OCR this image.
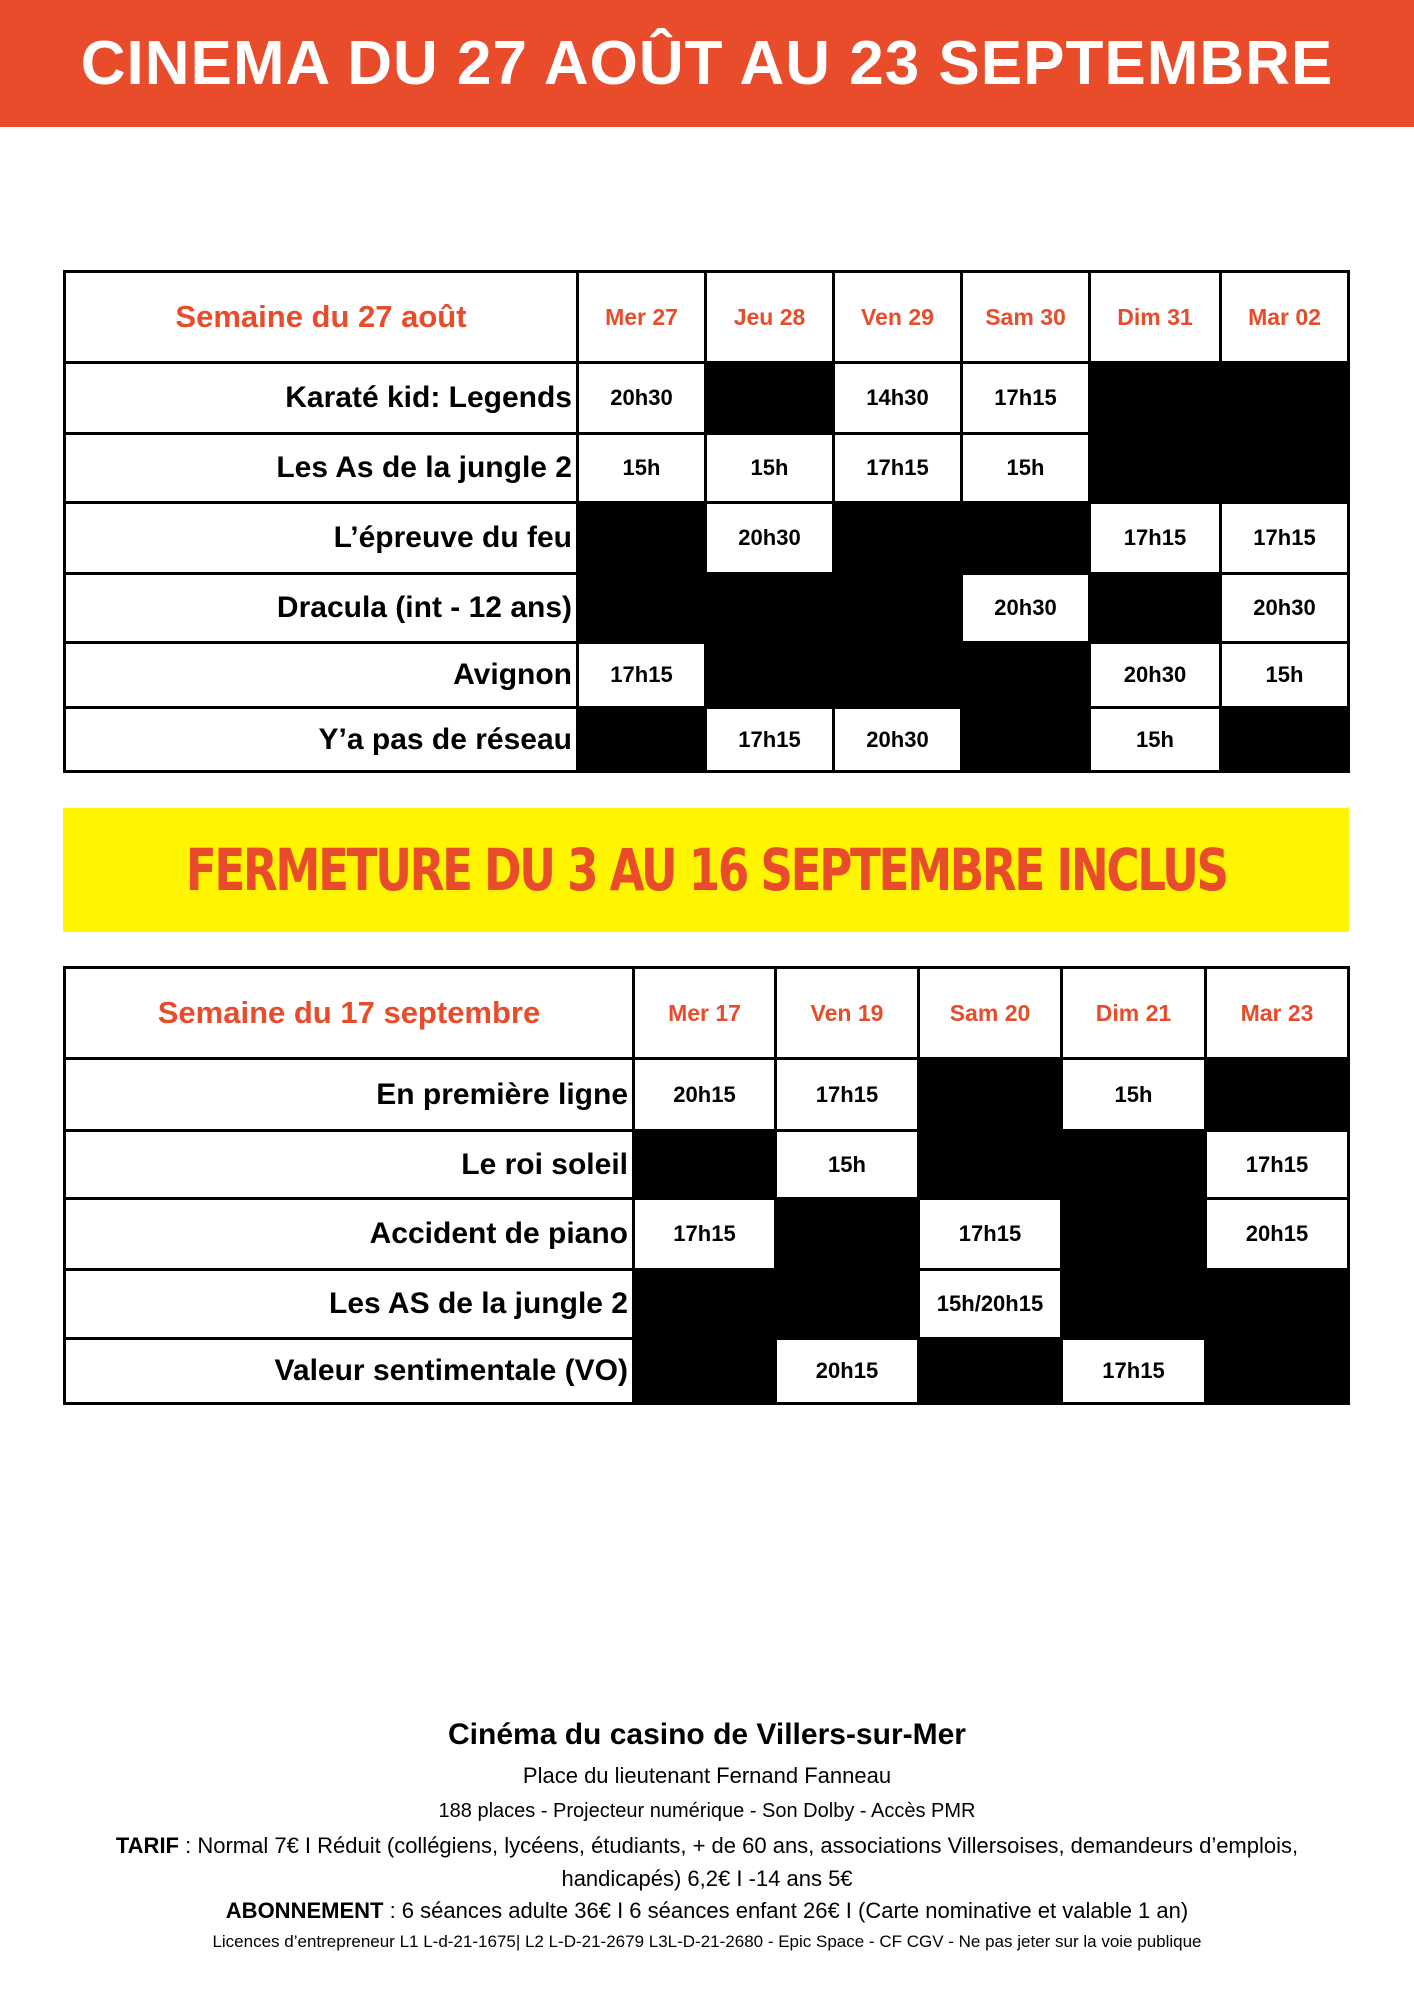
CINEMA DU 27 AOÛT AU 23 SEPTEMBRE
Semaine du 27 août	Mer 27	Jeu 28	Ven 29	Sam 30	Dim 31	Mar 02
Karaté kid: Legends	20h30		14h30	17h15		
Les As de la jungle 2	15h	15h	17h15	15h		
L’épreuve du feu		20h30			17h15	17h15
Dracula (int - 12 ans)				20h30		20h30
Avignon	17h15				20h30	15h
Y’a pas de réseau		17h15	20h30		15h	
FERMETURE DU 3 AU 16 SEPTEMBRE INCLUS
Semaine du 17 septembre	Mer 17	Ven 19	Sam 20	Dim 21	Mar 23
En première ligne	20h15	17h15		15h	
Le roi soleil		15h			17h15
Accident de piano	17h15		17h15		20h15
Les AS de la jungle 2			15h/20h15		
Valeur sentimentale (VO)		20h15		17h15	
Cinéma du casino de Villers-sur-Mer
Place du lieutenant Fernand Fanneau
188 places - Projecteur numérique - Son Dolby - Accès PMR
TARIF : Normal 7€ I Réduit (collégiens, lycéens, étudiants, + de 60 ans, associations Villersoises, demandeurs d’emplois,
handicapés) 6,2€ I -14 ans 5€
ABONNEMENT : 6 séances adulte 36€ I 6 séances enfant 26€ I (Carte nominative et valable 1 an)
Licences d’entrepreneur L1 L-d-21-1675| L2 L-D-21-2679 L3L-D-21-2680 - Epic Space - CF CGV - Ne pas jeter sur la voie publique
